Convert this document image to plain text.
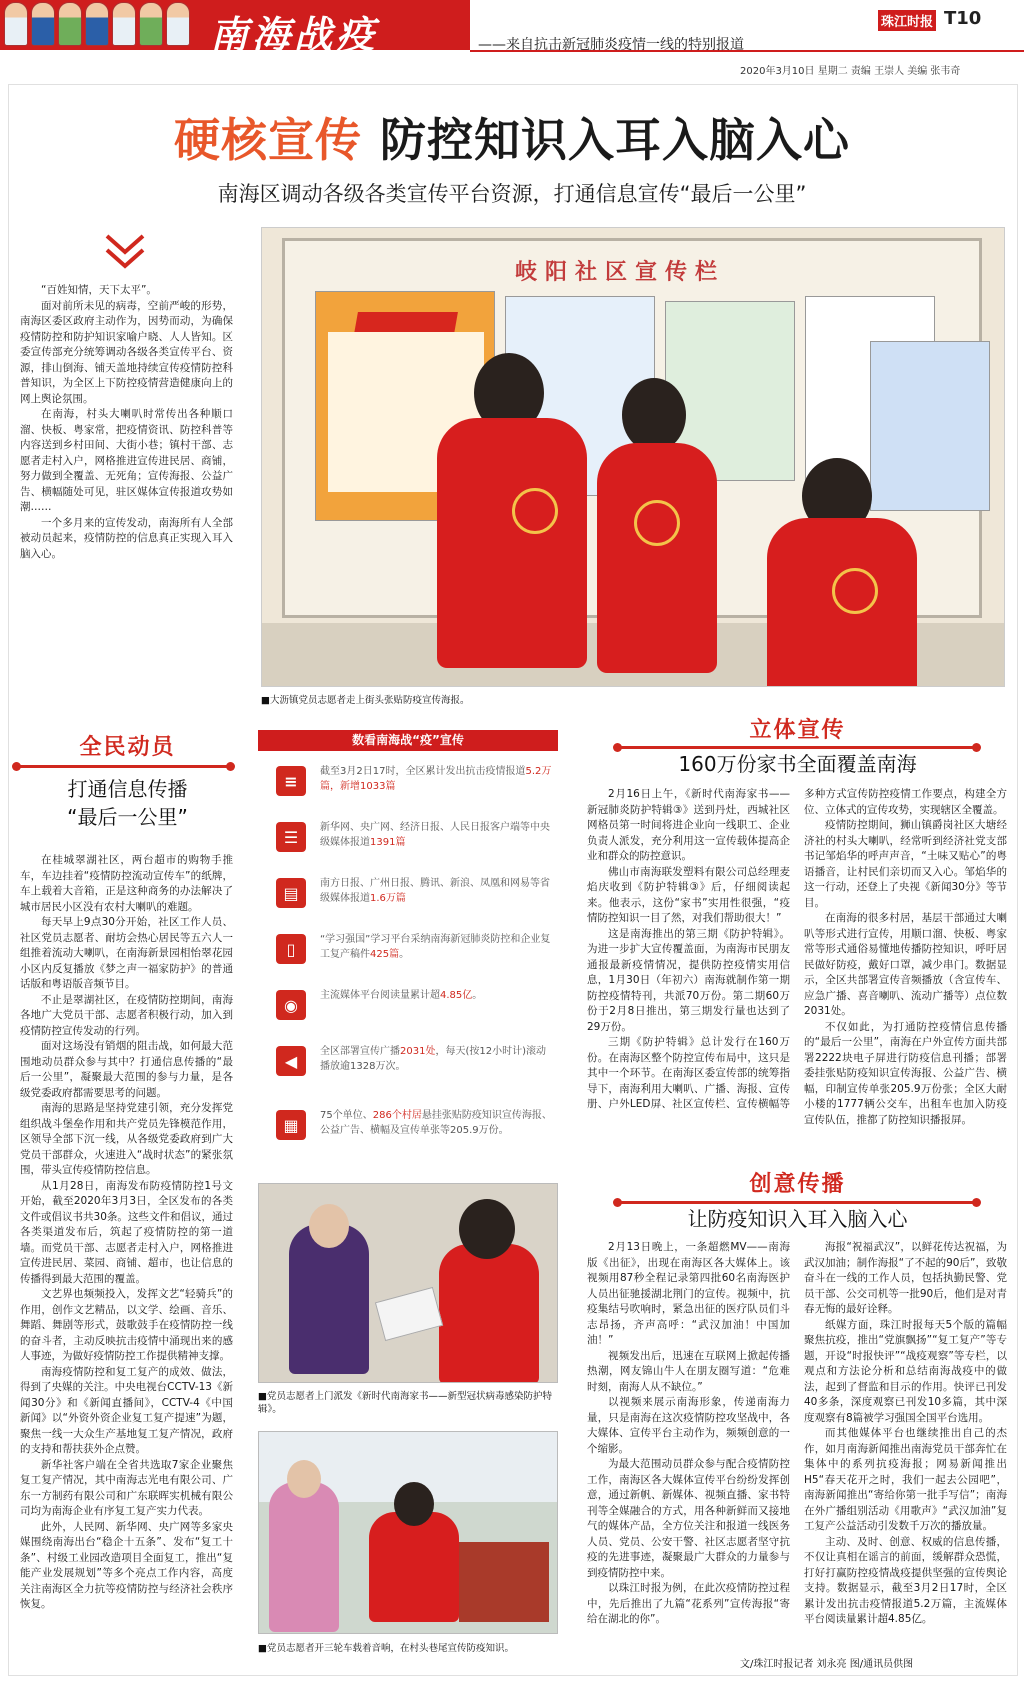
南海战疫	——来自抗击新冠肺炎疫情一线的特别报道
珠江时报 T10
2020年3月10日 星期二 责编 王崇人 美编 张韦奇
硬核宣传 防控知识入耳入脑入心
南海区调动各级各类宣传平台资源，打通信息宣传“最后一公里”

“百姓知情，天下太平”。

面对前所未见的病毒，空前严峻的形势，南海区委区政府主动作为，因势而动，为确保疫情防控和防护知识家喻户晓、人人皆知。区委宣传部充分统筹调动各级各类宣传平台、资源，排山倒海、铺天盖地持续宣传疫情防控科普知识，为全区上下防控疫情营造健康向上的网上舆论氛围。

在南海，村头大喇叭时常传出各种顺口溜、快板、粤家常，把疫情资讯、防控科普等内容送到乡村田间、大街小巷；镇村干部、志愿者走村入户，网格推进宣传进民居、商铺，努力做到全覆盖、无死角；宣传海报、公益广告、横幅随处可见，驻区媒体宣传报道攻势如潮……

一个多月来的宣传发动，南海所有人全部被动员起来，疫情防控的信息真正实现入耳入脑入心。

岐阳社区宣传栏
■大沥镇党员志愿者走上街头张贴防疫宣传海报。
全民动员
打通信息传播
“最后一公里”

在桂城翠湖社区，两台超市的购物手推车，车边挂着“疫情防控流动宣传车”的纸牌，车上载着大音箱，正是这种商务的办法解决了城市居民小区没有农村大喇叭的难题。

每天早上9点30分开始，社区工作人员、社区党员志愿者、耐坊会热心居民等五六人一组推着流动大喇叭，在南海新景园相怡翠花园小区内反复播放《梦之声一福家防护》的普通话版和粤语版音频节目。

不止是翠湖社区，在疫情防控期间，南海各地广大党员干部、志愿者积极行动，加入到疫情防控宣传发动的行列。

面对这场没有销烟的阻击战，如何最大范围地动员群众参与其中？打通信息传播的“最后一公里”，凝聚最大范围的参与力量，是各级党委政府都需要思考的问题。

南海的思路是坚持党建引领，充分发挥党组织战斗堡垒作用和共产党员先锋模范作用，区领导全部下沉一线，从各级党委政府到广大党员干部群众，火速进入“战时状态”的紧张氛围，带头宣传疫情防控信息。

从1月28日，南海发布防疫情防控1号文开始，截至2020年3月3日，全区发布的各类文件或倡议书共30条。这些文件和倡议，通过各类渠道发布后，筑起了疫情防控的第一道墙。而党员干部、志愿者走村入户，网格推进宣传进民居、菜园、商铺、超市，也让信息的传播得到最大范围的覆盖。

文艺界也频频投入，发挥文艺“轻骑兵”的作用，创作文艺精品，以文学、绘画、音乐、舞蹈、舞剧等形式，鼓歌鼓手在疫情防控一线的奋斗者，主动反映抗击疫情中涌现出来的感人事迹，为做好疫情防控工作提供精神支撑。

南海疫情防控和复工复产的成效、做法，得到了央媒的关注。中央电视台CCTV-13《新闻30分》和《新闻直播间》，CCTV-4《中国新闻》以“外资外资企业复工复产提速”为题，聚焦一线一大众生产基地复工复产情况，政府的支持和帮扶获外企点赞。

新华社客户端在全省共选取7家企业聚焦复工复产情况，其中南海志光电有限公司、广东一方制药有限公司和广东联晖实机械有限公司均为南海企业有序复工复产实力代表。

此外，人民网、新华网、央广网等多家央媒围绕南海出台“稳企十五条”、发布“复工十条”、村级工业园改造项目全面复工，推出“复能产业发展规划”等多个亮点工作内容，高度关注南海区全力抗等疫情防控与经济社会秩序恢复。

数看南海战“疫”宣传
≡	截至3月2日17时，全区累计发出抗击疫情报道5.2万篇，新增1033篇
☰	新华网、央广网、经济日报、人民日报客户端等中央级媒体报道1391篇
▤	南方日报、广州日报、腾讯、新浪、凤凰和网易等省级媒体报道1.6万篇
▯	“学习强国”学习平台采纳南海新冠肺炎防控和企业复工复产稿件425篇。
◉	主流媒体平台阅读量累计超4.85亿。
◀	全区部署宣传广播2031处，每天(按12小时计)滚动播放逾1328万次。
▦	75个单位、286个村居悬挂张贴防疫知识宣传海报、公益广告、横幅及宣传单张等205.9万份。
■党员志愿者上门派发《新时代南海家书——新型冠状病毒感染防护特辑》。
■党员志愿者开三轮车载着音响，在村头巷尾宣传防疫知识。
立体宣传
160万份家书全面覆盖南海

2月16日上午，《新时代南海家书——新冠肺炎防护特辑③》送到丹灶，西城社区网格员第一时间将进企业向一线职工、企业负责人派发，充分利用这一宣传载体提高企业和群众的防控意识。

佛山市南海联发塑料有限公司总经理麦焰庆收到《防护特辑③》后，仔细阅读起来。他表示，这份“家书”实用性很强，“疫情防控知识一目了然，对我们帮助很大！”

这是南海推出的第三期《防护特辑》。为进一步扩大宣传覆盖面，为南海市民朋友通报最新疫情情况，提供防控疫情实用信息，1月30日（年初六）南海就制作第一期防控疫情特刊，共派70万份。第二期60万份于2月8日推出，第三期发行量也达到了29万份。

三期《防护特辑》总计发行在160万份。在南海区整个防控宣传布局中，这只是其中一个环节。在南海区委宣传部的统筹指导下，南海利用大喇叭、广播、海报、宣传册、户外LED屏、社区宣传栏、宣传横幅等多种方式宣传防控疫情工作要点，构建全方位、立体式的宣传攻势，实现辖区全覆盖。

疫情防控期间，狮山镇爵岗社区大塘经济社的村头大喇叭，经常听到经济社党支部书记邹焰华的呼声声音，“土味又贴心”的粤语播音，让村民们亲切而又入心。邹焰华的这一行动，还登上了央视《新闻30分》等节目。

在南海的很多村居，基层干部通过大喇叭等形式进行宣传，用顺口溜、快板、粤家常等形式通俗易懂地传播防控知识，呼吁居民做好防疫，戴好口罩，减少串门。数据显示，全区共部署宣传音频播放（含宣传车、应急广播、喜音喇叭、流动广播等）点位数2031处。

不仅如此，为打通防控疫情信息传播的“最后一公里”，南海在户外宣传方面共部署2222块电子屏进行防疫信息刊播；部署委挂张贴防疫知识宣传海报、公益广告、横幅，印制宣传单张205.9万份张；全区大耐小楼的1777辆公交车，出租车也加入防疫宣传队伍，推都了防控知识播报屏。

创意传播
让防疫知识入耳入脑入心

2月13日晚上，一条超燃MV——南海版《出征》，出现在南海区各大媒体上。该视频用87秒全程记录第四批60名南海医护人员出征驰援湖北荆门的宣传。视频中，抗疫集结号吹响时，紧急出征的医疗队员们斗志昂扬，齐声高呼：“武汉加油！中国加油！”

视频发出后，迅速在互联网上掀起传播热潮，网友锦山牛人在朋友圈写道：“危难时刻，南海人从不缺位。”

以视频来展示南海形象，传递南海力量，只是南海在这次疫情防控攻坚战中，各大媒体、宣传平台主动作为，频频创意的一个缩影。

为最大范围动员群众参与配合疫情防控工作，南海区各大媒体宣传平台纷纷发挥创意，通过新帆、新媒体、视频直播、家书特刊等全媒融合的方式，用各种新鲜而又接地气的媒体产品，全方位关注和报道一线医务人员、党员、公安干警、社区志愿者坚守抗疫的先进事迹，凝聚最广大群众的力量参与到疫情防控中来。

以珠江时报为例，在此次疫情防控过程中，先后推出了九篇“花系列”宣传海报“寄给在湖北的你”。

海报“祝福武汉”，以鲜花传达祝福，为武汉加油；制作海报“了不起的90后”，致敬奋斗在一线的工作人员，包括执勤民警、党员干部、公交司机等一批90后，他们是对青春无悔的最好诠释。

纸媒方面，珠江时报每天5个版的篇幅聚焦抗疫，推出“党旗飘扬”“复工复产”等专题，开设“时报快评”“战疫观察”等专栏，以观点和方法论分析和总结南海战疫中的做法，起到了督监和目示的作用。快评已刊发40多条，深度观察已刊发10多篇，其中深度观察有8篇被学习强国全国平台选用。

而其他媒体平台也继续推出自己的杰作，如月南海新闻推出南海党员干部奔忙在集体中的系列抗疫海报；网易新闻推出H5“春天花开之时，我们一起去公园吧”，南海新闻推出“寄给你第一批手写信”；南海在外广播组别活动《用歌声》“武汉加油”复工复产公益活动引发数千万次的播放量。

主动、及时、创意、权威的信息传播，不仅让真相在谣言的前面，缓解群众恐慌，打好打赢防控疫情战疫提供坚强的宣传舆论支持。数据显示，截至3月2日17时，全区累计发出抗击疫情报道5.2万篇，主流媒体平台阅读量累计超4.85亿。

文/珠江时报记者 刘永亮 图/通讯员供图
